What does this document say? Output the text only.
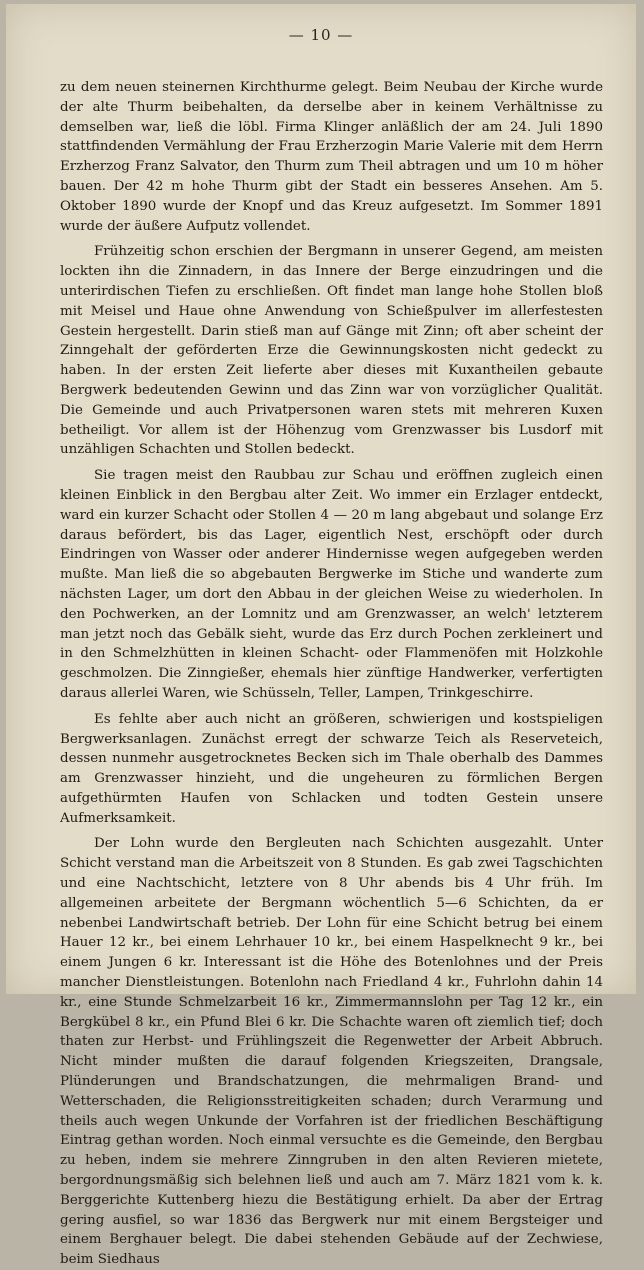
— 10 —

zu dem neuen steinernen Kirchthurme gelegt. Beim Neubau der Kirche wurde der alte Thurm beibehalten, da derselbe aber in keinem Verhältnisse zu demselben war, ließ die löbl. Firma Klinger anläßlich der am 24. Juli 1890 stattfindenden Vermählung der Frau Erzherzogin Marie Valerie mit dem Herrn Erzherzog Franz Salvator, den Thurm zum Theil abtragen und um 10 m höher bauen. Der 42 m hohe Thurm gibt der Stadt ein besseres Ansehen. Am 5. Oktober 1890 wurde der Knopf und das Kreuz aufgesetzt. Im Sommer 1891 wurde der äußere Aufputz vollendet.

Frühzeitig schon erschien der Bergmann in unserer Gegend, am meisten lockten ihn die Zinnadern, in das Innere der Berge einzudringen und die unterirdischen Tiefen zu erschließen. Oft findet man lange hohe Stollen bloß mit Meisel und Haue ohne Anwendung von Schießpulver im allerfestesten Gestein hergestellt. Darin stieß man auf Gänge mit Zinn; oft aber scheint der Zinngehalt der geförderten Erze die Gewinnungskosten nicht gedeckt zu haben. In der ersten Zeit lieferte aber dieses mit Kuxantheilen gebaute Bergwerk bedeutenden Gewinn und das Zinn war von vorzüglicher Qualität. Die Gemeinde und auch Privatpersonen waren stets mit mehreren Kuxen betheiligt. Vor allem ist der Höhenzug vom Grenzwasser bis Lusdorf mit unzähligen Schachten und Stollen bedeckt.

Sie tragen meist den Raubbau zur Schau und eröffnen zugleich einen kleinen Einblick in den Bergbau alter Zeit. Wo immer ein Erzlager entdeckt, ward ein kurzer Schacht oder Stollen 4 — 20 m lang abgebaut und solange Erz daraus befördert, bis das Lager, eigentlich Nest, erschöpft oder durch Eindringen von Wasser oder anderer Hindernisse wegen aufgegeben werden mußte. Man ließ die so abgebauten Bergwerke im Stiche und wanderte zum nächsten Lager, um dort den Abbau in der gleichen Weise zu wiederholen. In den Pochwerken, an der Lomnitz und am Grenzwasser, an welch' letzterem man jetzt noch das Gebälk sieht, wurde das Erz durch Pochen zerkleinert und in den Schmelzhütten in kleinen Schacht- oder Flammenöfen mit Holzkohle geschmolzen. Die Zinngießer, ehemals hier zünftige Handwerker, verfertigten daraus allerlei Waren, wie Schüsseln, Teller, Lampen, Trinkgeschirre.

Es fehlte aber auch nicht an größeren, schwierigen und kostspieligen Bergwerksanlagen. Zunächst erregt der schwarze Teich als Reserveteich, dessen nunmehr ausgetrocknetes Becken sich im Thale oberhalb des Dammes am Grenzwasser hinzieht, und die ungeheuren zu förmlichen Bergen aufgethürmten Haufen von Schlacken und todten Gestein unsere Aufmerksamkeit.

Der Lohn wurde den Bergleuten nach Schichten ausgezahlt. Unter Schicht verstand man die Arbeitszeit von 8 Stunden. Es gab zwei Tagschichten und eine Nachtschicht, letztere von 8 Uhr abends bis 4 Uhr früh. Im allgemeinen arbeitete der Bergmann wöchentlich 5—6 Schichten, da er nebenbei Landwirtschaft betrieb. Der Lohn für eine Schicht betrug bei einem Hauer 12 kr., bei einem Lehrhauer 10 kr., bei einem Haspelknecht 9 kr., bei einem Jungen 6 kr. Interessant ist die Höhe des Botenlohnes und der Preis mancher Dienstleistungen. Botenlohn nach Friedland 4 kr., Fuhrlohn dahin 14 kr., eine Stunde Schmelzarbeit 16 kr., Zimmermannslohn per Tag 12 kr., ein Bergkübel 8 kr., ein Pfund Blei 6 kr. Die Schachte waren oft ziemlich tief; doch thaten zur Herbst- und Frühlingszeit die Regenwetter der Arbeit Abbruch. Nicht minder mußten die darauf folgenden Kriegszeiten, Drangsale, Plünderungen und Brandschatzungen, die mehrmaligen Brand- und Wetterschaden, die Religionsstreitigkeiten schaden; durch Verarmung und theils auch wegen Unkunde der Vorfahren ist der friedlichen Beschäftigung Eintrag gethan worden. Noch einmal versuchte es die Gemeinde, den Bergbau zu heben, indem sie mehrere Zinngruben in den alten Revieren mietete, bergordnungsmäßig sich belehnen ließ und auch am 7. März 1821 vom k. k. Berggerichte Kuttenberg hiezu die Bestätigung erhielt. Da aber der Ertrag gering ausfiel, so war 1836 das Bergwerk nur mit einem Bergsteiger und einem Berghauer belegt. Die dabei stehenden Gebäude auf der Zechwiese, beim Siedhaus
